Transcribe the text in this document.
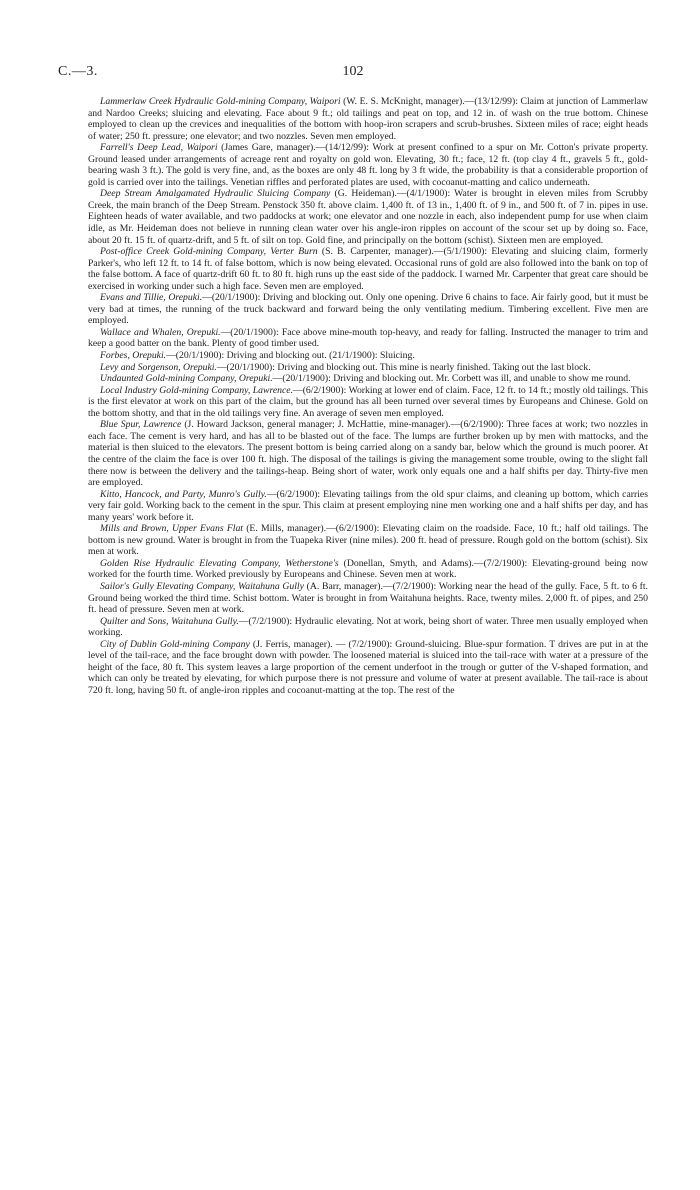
C.—3.	102

Lammerlaw Creek Hydraulic Gold-mining Company, Waipori (W. E. S. McKnight, manager).—(13/12/99): Claim at junction of Lammerlaw and Nardoo Creeks; sluicing and elevating. Face about 9 ft.; old tailings and peat on top, and 12 in. of wash on the true bottom. Chinese employed to clean up the crevices and inequalities of the bottom with hoop-iron scrapers and scrub-brushes. Sixteen miles of race; eight heads of water; 250 ft. pressure; one elevator; and two nozzles. Seven men employed.

Farrell's Deep Lead, Waipori (James Gare, manager).—(14/12/99): Work at present confined to a spur on Mr. Cotton's private property. Ground leased under arrangements of acreage rent and royalty on gold won. Elevating, 30 ft.; face, 12 ft. (top clay 4 ft., gravels 5 ft., gold-bearing wash 3 ft.). The gold is very fine, and, as the boxes are only 48 ft. long by 3 ft wide, the probability is that a considerable proportion of gold is carried over into the tailings. Venetian riffles and perforated plates are used, with cocoanut-matting and calico underneath.

Deep Stream Amalgamated Hydraulic Sluicing Company (G. Heideman).—(4/1/1900): Water is brought in eleven miles from Scrubby Creek, the main branch of the Deep Stream. Penstock 350 ft. above claim. 1,400 ft. of 13 in., 1,400 ft. of 9 in., and 500 ft. of 7 in. pipes in use. Eighteen heads of water available, and two paddocks at work; one elevator and one nozzle in each, also independent pump for use when claim idle, as Mr. Heideman does not believe in running clean water over his angle-iron ripples on account of the scour set up by doing so. Face, about 20 ft. 15 ft. of quartz-drift, and 5 ft. of silt on top. Gold fine, and principally on the bottom (schist). Sixteen men are employed.

Post-office Creek Gold-mining Company, Verter Burn (S. B. Carpenter, manager).—(5/1/1900): Elevating and sluicing claim, formerly Parker's, who left 12 ft. to 14 ft. of false bottom, which is now being elevated. Occasional runs of gold are also followed into the bank on top of the false bottom. A face of quartz-drift 60 ft. to 80 ft. high runs up the east side of the paddock. I warned Mr. Carpenter that great care should be exercised in working under such a high face. Seven men are employed.

Evans and Tillie, Orepuki.—(20/1/1900): Driving and blocking out. Only one opening. Drive 6 chains to face. Air fairly good, but it must be very bad at times, the running of the truck backward and forward being the only ventilating medium. Timbering excellent. Five men are employed.

Wallace and Whalen, Orepuki.—(20/1/1900): Face above mine-mouth top-heavy, and ready for falling. Instructed the manager to trim and keep a good batter on the bank. Plenty of good timber used.

Forbes, Orepuki.—(20/1/1900): Driving and blocking out. (21/1/1900): Sluicing.

Levy and Sorgenson, Orepuki.—(20/1/1900): Driving and blocking out. This mine is nearly finished. Taking out the last block.

Undaunted Gold-mining Company, Orepuki.—(20/1/1900): Driving and blocking out. Mr. Corbett was ill, and unable to show me round.

Local Industry Gold-mining Company, Lawrence.—(6/2/1900): Working at lower end of claim. Face, 12 ft. to 14 ft.; mostly old tailings. This is the first elevator at work on this part of the claim, but the ground has all been turned over several times by Europeans and Chinese. Gold on the bottom shotty, and that in the old tailings very fine. An average of seven men employed.

Blue Spur, Lawrence (J. Howard Jackson, general manager; J. McHattie, mine-manager).—(6/2/1900): Three faces at work; two nozzles in each face. The cement is very hard, and has all to be blasted out of the face. The lumps are further broken up by men with mattocks, and the material is then sluiced to the elevators. The present bottom is being carried along on a sandy bar, below which the ground is much poorer. At the centre of the claim the face is over 100 ft. high. The disposal of the tailings is giving the management some trouble, owing to the slight fall there now is between the delivery and the tailings-heap. Being short of water, work only equals one and a half shifts per day. Thirty-five men are employed.

Kitto, Hancock, and Party, Munro's Gully.—(6/2/1900): Elevating tailings from the old spur claims, and cleaning up bottom, which carries very fair gold. Working back to the cement in the spur. This claim at present employing nine men working one and a half shifts per day, and has many years' work before it.

Mills and Brown, Upper Evans Flat (E. Mills, manager).—(6/2/1900): Elevating claim on the roadside. Face, 10 ft.; half old tailings. The bottom is new ground. Water is brought in from the Tuapeka River (nine miles). 200 ft. head of pressure. Rough gold on the bottom (schist). Six men at work.

Golden Rise Hydraulic Elevating Company, Wetherstone's (Donellan, Smyth, and Adams).—(7/2/1900): Elevating-ground being now worked for the fourth time. Worked previously by Europeans and Chinese. Seven men at work.

Sailor's Gully Elevating Company, Waitahuna Gully (A. Barr, manager).—(7/2/1900): Working near the head of the gully. Face, 5 ft. to 6 ft. Ground being worked the third time. Schist bottom. Water is brought in from Waitahuna heights. Race, twenty miles. 2,000 ft. of pipes, and 250 ft. head of pressure. Seven men at work.

Quilter and Sons, Waitahuna Gully.—(7/2/1900): Hydraulic elevating. Not at work, being short of water. Three men usually employed when working.

City of Dublin Gold-mining Company (J. Ferris, manager). — (7/2/1900): Ground-sluicing. Blue-spur formation. T drives are put in at the level of the tail-race, and the face brought down with powder. The loosened material is sluiced into the tail-race with water at a pressure of the height of the face, 80 ft. This system leaves a large proportion of the cement underfoot in the trough or gutter of the V-shaped formation, and which can only be treated by elevating, for which purpose there is not pressure and volume of water at present available. The tail-race is about 720 ft. long, having 50 ft. of angle-iron ripples and cocoanut-matting at the top. The rest of the
